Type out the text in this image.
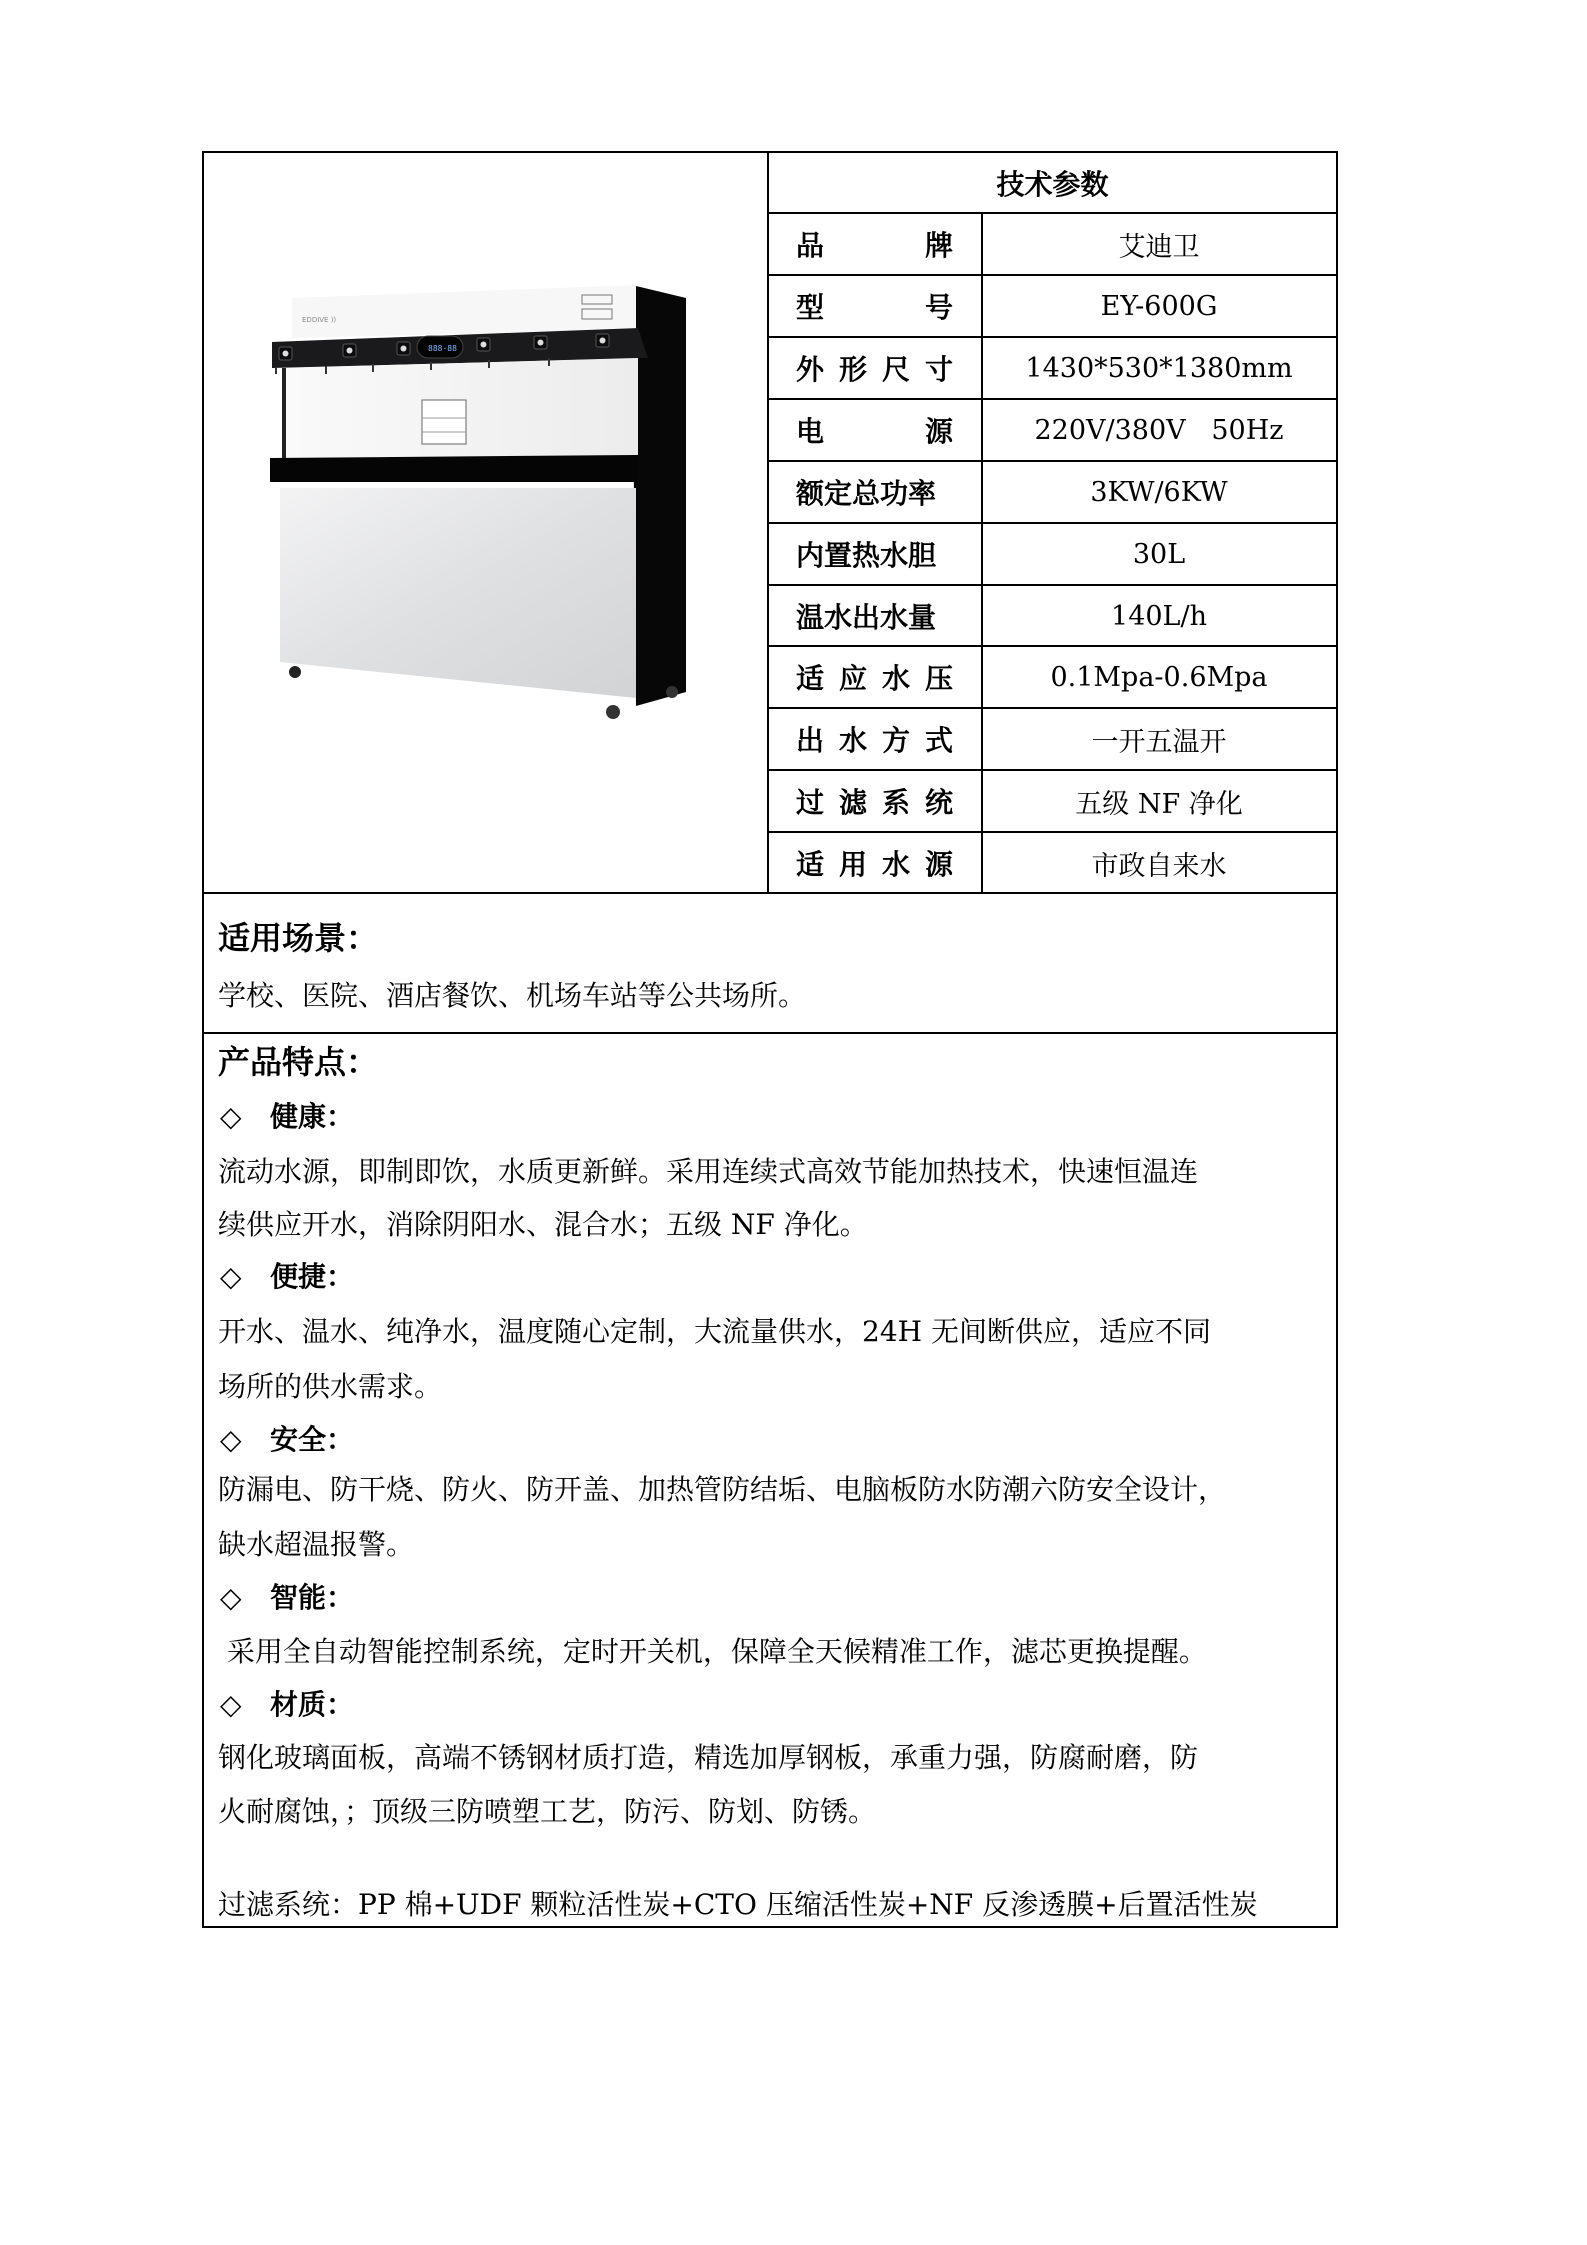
888·88
EDDIVE ))
技术参数
品	牌	艾迪卫
型	号	EY-600G
外 形 尺 寸	1430*530*1380mm
电	源	220V/380V   50Hz
额定总功率	3KW/6KW
内置热水胆	30L
温水出水量	140L/h
适 应 水 压	0.1Mpa-0.6Mpa
出 水 方 式	一开五温开
过 滤 系 统	五级 NF 净化
适 用 水 源	市政自来水
适用场景：
学校、医院、酒店餐饮、机场车站等公共场所。
产品特点：
◇ 健康：
流动水源，即制即饮，水质更新鲜。采用连续式高效节能加热技术，快速恒温连
续供应开水，消除阴阳水、混合水；五级 NF 净化。
◇ 便捷：
开水、温水、纯净水，温度随心定制，大流量供水，24H 无间断供应，适应不同
场所的供水需求。
◇ 安全：
防漏电、防干烧、防火、防开盖、加热管防结垢、电脑板防水防潮六防安全设计，
缺水超温报警。
◇ 智能：
采用全自动智能控制系统，定时开关机，保障全天候精准工作，滤芯更换提醒。
◇ 材质：
钢化玻璃面板，高端不锈钢材质打造，精选加厚钢板，承重力强，防腐耐磨，防
火耐腐蚀，；顶级三防喷塑工艺，防污、防划、防锈。
过滤系统：PP 棉+UDF 颗粒活性炭+CTO 压缩活性炭+NF 反渗透膜+后置活性炭
